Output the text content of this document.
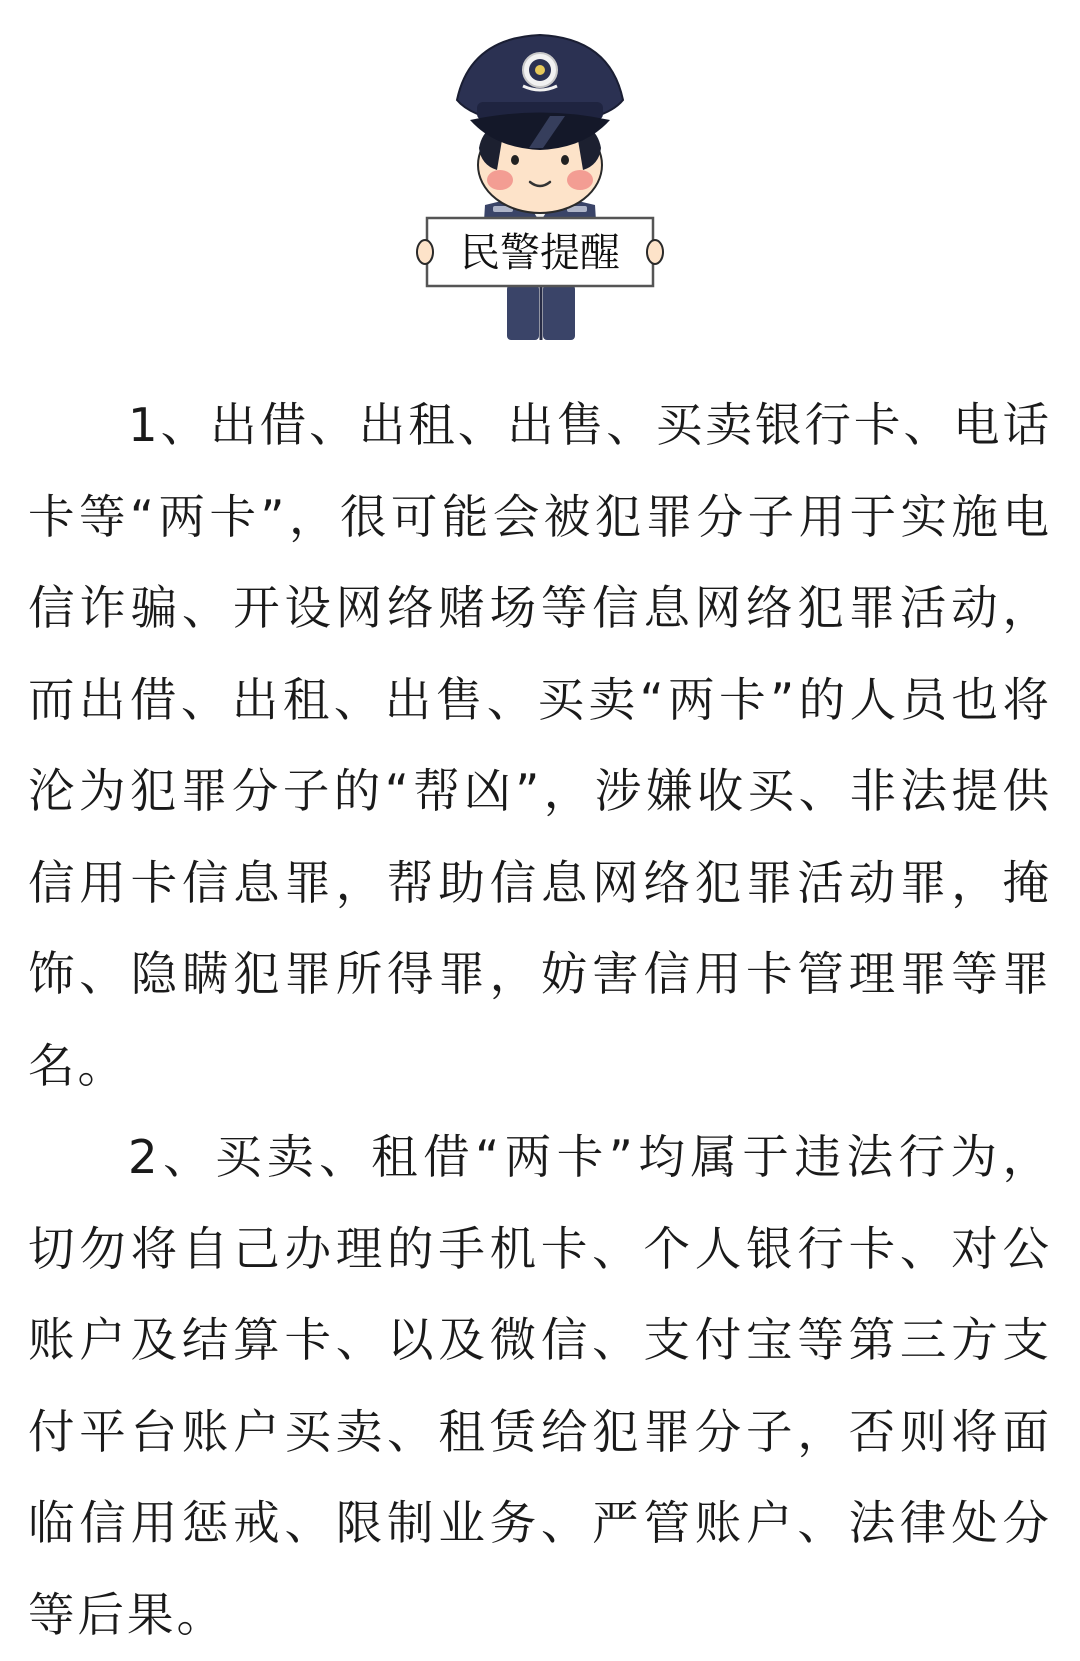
民警提醒

1、出借、出租、出售、买卖银行卡、电话卡等“两卡”，很可能会被犯罪分子用于实施电信诈骗、开设网络赌场等信息网络犯罪活动，而出借、出租、出售、买卖“两卡”的人员也将沦为犯罪分子的“帮凶”，涉嫌收买、非法提供信用卡信息罪，帮助信息网络犯罪活动罪，掩饰、隐瞒犯罪所得罪，妨害信用卡管理罪等罪名。

2、买卖、租借“两卡”均属于违法行为，切勿将自己办理的手机卡、个人银行卡、对公账户及结算卡、以及微信、支付宝等第三方支付平台账户买卖、租赁给犯罪分子，否则将面临信用惩戒、限制业务、严管账户、法律处分等后果。
